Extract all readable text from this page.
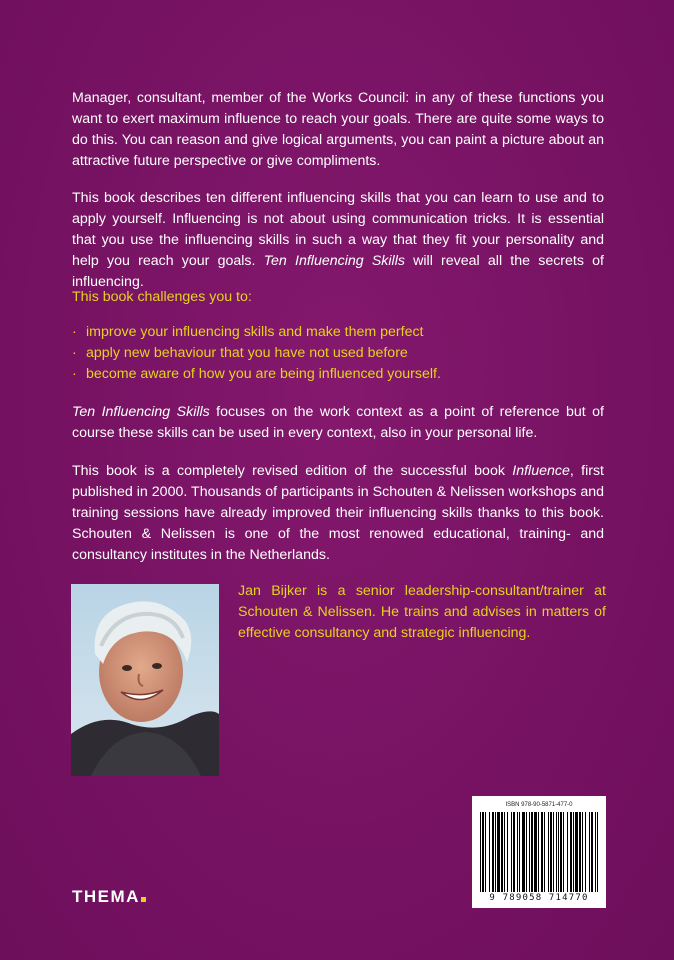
Manager, consultant, member of the Works Council: in any of these functions you want to exert maximum influence to reach your goals. There are quite some ways to do this. You can reason and give logical arguments, you can paint a picture about an attractive future perspective or give compliments.

This book describes ten different influencing skills that you can learn to use and to apply yourself. Influencing is not about using communication tricks. It is essential that you use the influencing skills in such a way that they fit your personality and help you reach your goals. Ten Influencing Skills will reveal all the secrets of influencing.

This book challenges you to:

· improve your influencing skills and make them perfect
· apply new behaviour that you have not used before
· become aware of how you are being influenced yourself.

Ten Influencing Skills focuses on the work context as a point of reference but of course these skills can be used in every context, also in your personal life.

This book is a completely revised edition of the successful book Influence, first published in 2000. Thousands of participants in Schouten & Nelissen workshops and training sessions have already improved their influencing skills thanks to this book. Schouten & Nelissen is one of the most renowed educational, training- and consultancy institutes in the Netherlands.

Jan Bijker is a senior leadership-consultant/trainer at Schouten & Nelissen. He trains and advises in matters of effective consultancy and strategic influencing.
THEMA
ISBN 978-90-5871-477-0
9 789058 714770
